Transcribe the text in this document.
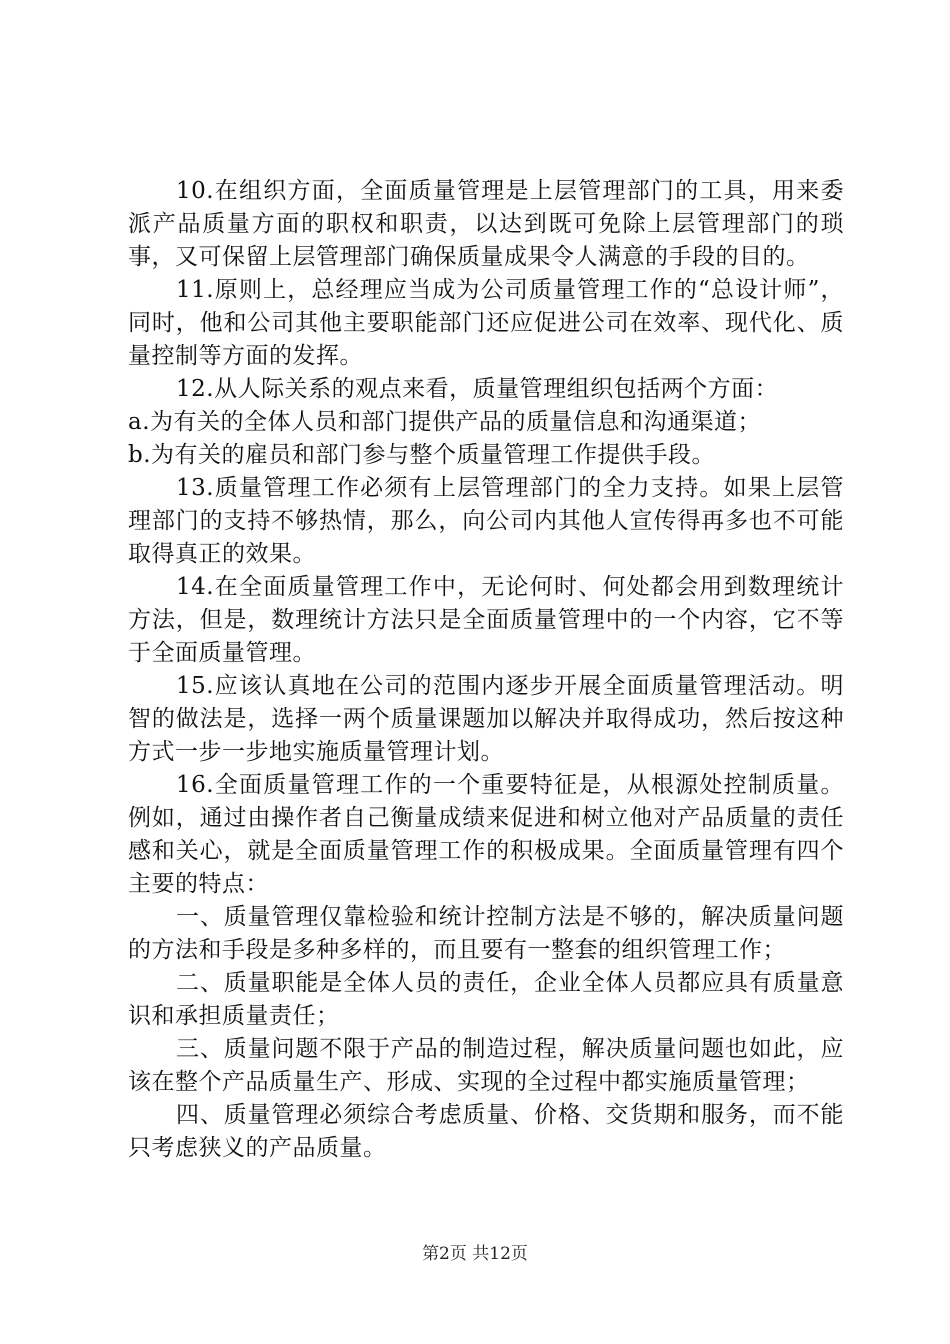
10.在组织方面，全面质量管理是上层管理部门的工具，用来委派产品质量方面的职权和职责，以达到既可免除上层管理部门的琐事，又可保留上层管理部门确保质量成果令人满意的手段的目的。

11.原则上，总经理应当成为公司质量管理工作的“总设计师”，同时，他和公司其他主要职能部门还应促进公司在效率、现代化、质量控制等方面的发挥。

12.从人际关系的观点来看，质量管理组织包括两个方面：

a.为有关的全体人员和部门提供产品的质量信息和沟通渠道；

b.为有关的雇员和部门参与整个质量管理工作提供手段。

13.质量管理工作必须有上层管理部门的全力支持。如果上层管理部门的支持不够热情，那么，向公司内其他人宣传得再多也不可能取得真正的效果。

14.在全面质量管理工作中，无论何时、何处都会用到数理统计方法，但是，数理统计方法只是全面质量管理中的一个内容，它不等于全面质量管理。

15.应该认真地在公司的范围内逐步开展全面质量管理活动。明智的做法是，选择一两个质量课题加以解决并取得成功，然后按这种方式一步一步地实施质量管理计划。

16.全面质量管理工作的一个重要特征是，从根源处控制质量。例如，通过由操作者自己衡量成绩来促进和树立他对产品质量的责任感和关心，就是全面质量管理工作的积极成果。全面质量管理有四个主要的特点：

一、质量管理仅靠检验和统计控制方法是不够的，解决质量问题的方法和手段是多种多样的，而且要有一整套的组织管理工作；

二、质量职能是全体人员的责任，企业全体人员都应具有质量意识和承担质量责任；

三、质量问题不限于产品的制造过程，解决质量问题也如此，应该在整个产品质量生产、形成、实现的全过程中都实施质量管理；

四、质量管理必须综合考虑质量、价格、交货期和服务，而不能只考虑狭义的产品质量。

第2页 共12页
